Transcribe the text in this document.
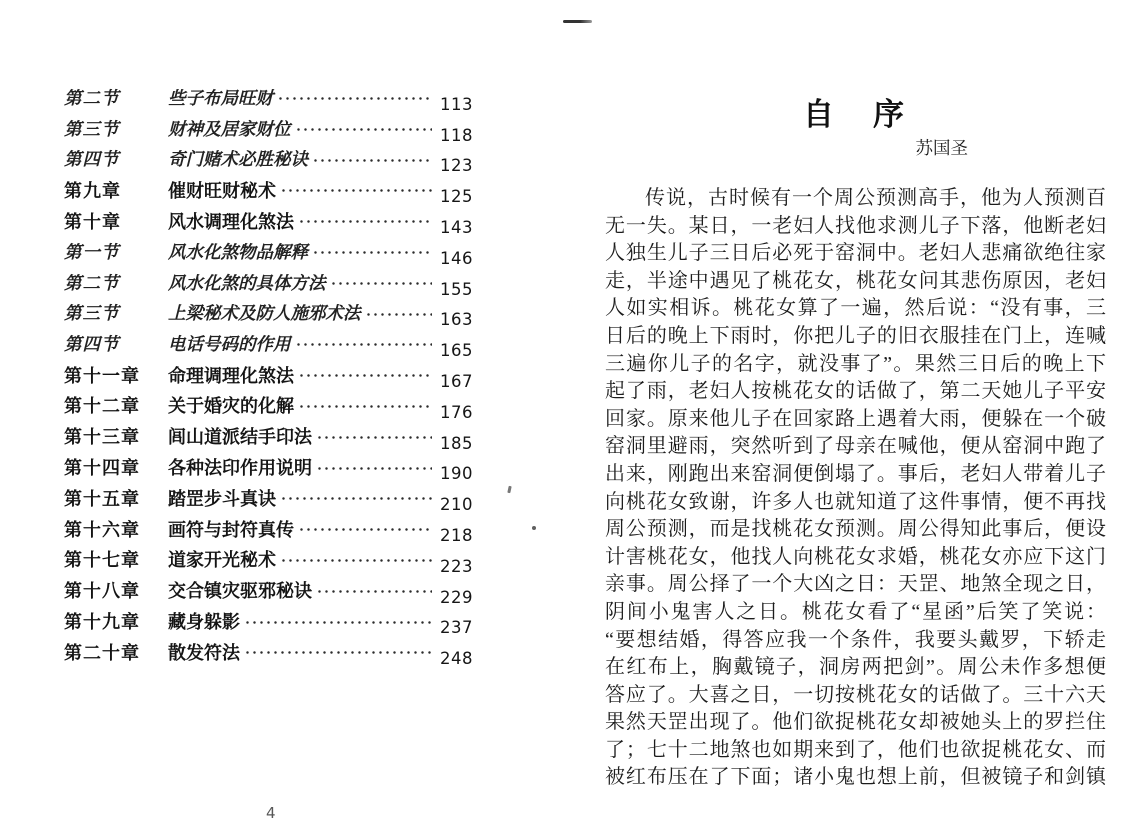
第二节	些子布局旺财	113
第三节	财神及居家财位	118
第四节	奇门赌术必胜秘诀	123
第九章	催财旺财秘术	125
第十章	风水调理化煞法	143
第一节	风水化煞物品解释	146
第二节	风水化煞的具体方法	155
第三节	上梁秘术及防人施邪术法	163
第四节	电话号码的作用	165
第十一章	命理调理化煞法	167
第十二章	关于婚灾的化解	176
第十三章	闾山道派结手印法	185
第十四章	各种法印作用说明	190
第十五章	踏罡步斗真诀	210
第十六章	画符与封符真传	218
第十七章	道家开光秘术	223
第十八章	交合镇灾驱邪秘诀	229
第十九章	藏身躲影	237
第二十章	散发符法	248
4
自　序
苏国圣
传说，古时候有一个周公预测高手，他为人预测百
无一失。某日，一老妇人找他求测儿子下落，他断老妇
人独生儿子三日后必死于窑洞中。老妇人悲痛欲绝往家
走，半途中遇见了桃花女，桃花女问其悲伤原因，老妇
人如实相诉。桃花女算了一遍，然后说：“没有事，三
日后的晚上下雨时，你把儿子的旧衣服挂在门上，连喊
三遍你儿子的名字，就没事了”。果然三日后的晚上下
起了雨，老妇人按桃花女的话做了，第二天她儿子平安
回家。原来他儿子在回家路上遇着大雨，便躲在一个破
窑洞里避雨，突然听到了母亲在喊他，便从窑洞中跑了
出来，刚跑出来窑洞便倒塌了。事后，老妇人带着儿子
向桃花女致谢，许多人也就知道了这件事情，便不再找
周公预测，而是找桃花女预测。周公得知此事后，便设
计害桃花女，他找人向桃花女求婚，桃花女亦应下这门
亲事。周公择了一个大凶之日：天罡、地煞全现之日，
阴间小鬼害人之日。桃花女看了“星函”后笑了笑说：
“要想结婚，得答应我一个条件，我要头戴罗，下轿走
在红布上，胸戴镜子，洞房两把剑”。周公未作多想便
答应了。大喜之日，一切按桃花女的话做了。三十六天
果然天罡出现了。他们欲捉桃花女却被她头上的罗拦住
了；七十二地煞也如期来到了，他们也欲捉桃花女、而
被红布压在了下面；诸小鬼也想上前，但被镜子和剑镇
